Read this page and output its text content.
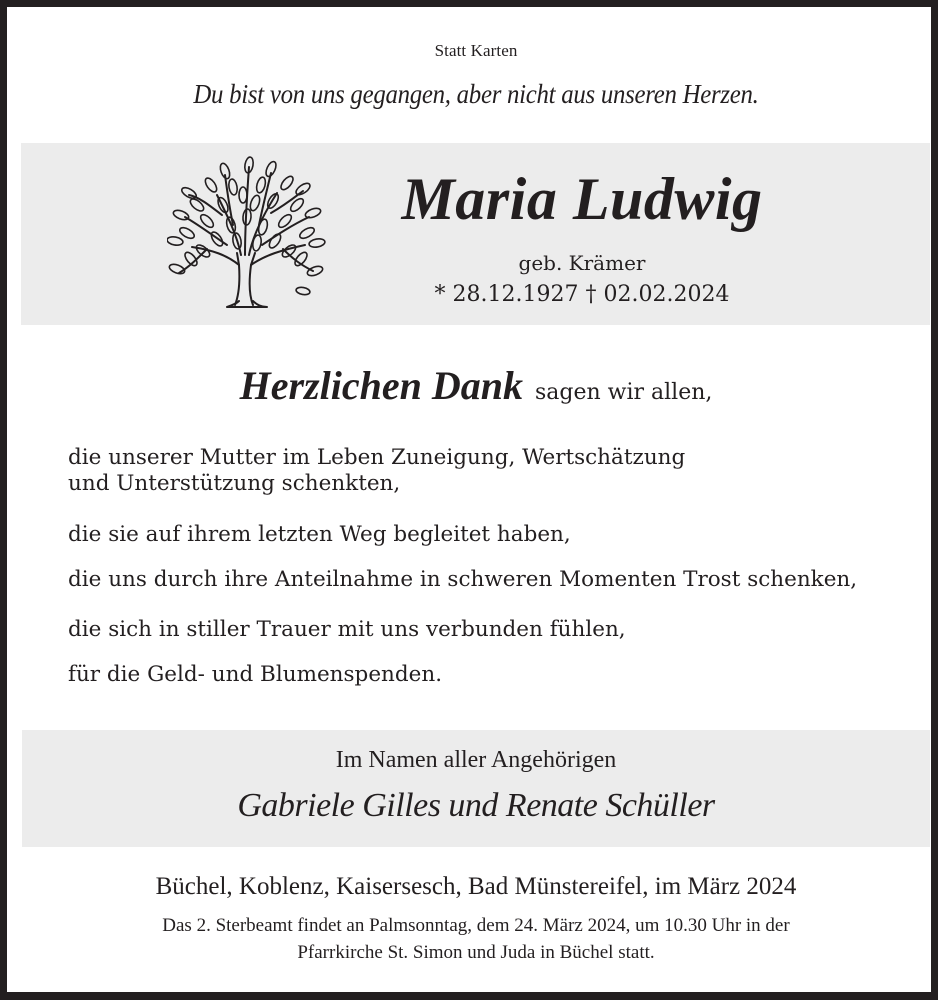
Statt Karten
Du bist von uns gegangen, aber nicht aus unseren Herzen.
Maria Ludwig
geb. Krämer
* 28.12.1927 † 02.02.2024
Herzlichen Dank sagen wir allen,
die unserer Mutter im Leben Zuneigung, Wertschätzung
und Unterstützung schenkten,
die sie auf ihrem letzten Weg begleitet haben,
die uns durch ihre Anteilnahme in schweren Momenten Trost schenken,
die sich in stiller Trauer mit uns verbunden fühlen,
für die Geld- und Blumenspenden.
Im Namen aller Angehörigen
Gabriele Gilles und Renate Schüller
Büchel, Koblenz, Kaisersesch, Bad Münstereifel, im März 2024
Das 2. Sterbeamt findet an Palmsonntag, dem 24. März 2024, um 10.30 Uhr in der
Pfarrkirche St. Simon und Juda in Büchel statt.
